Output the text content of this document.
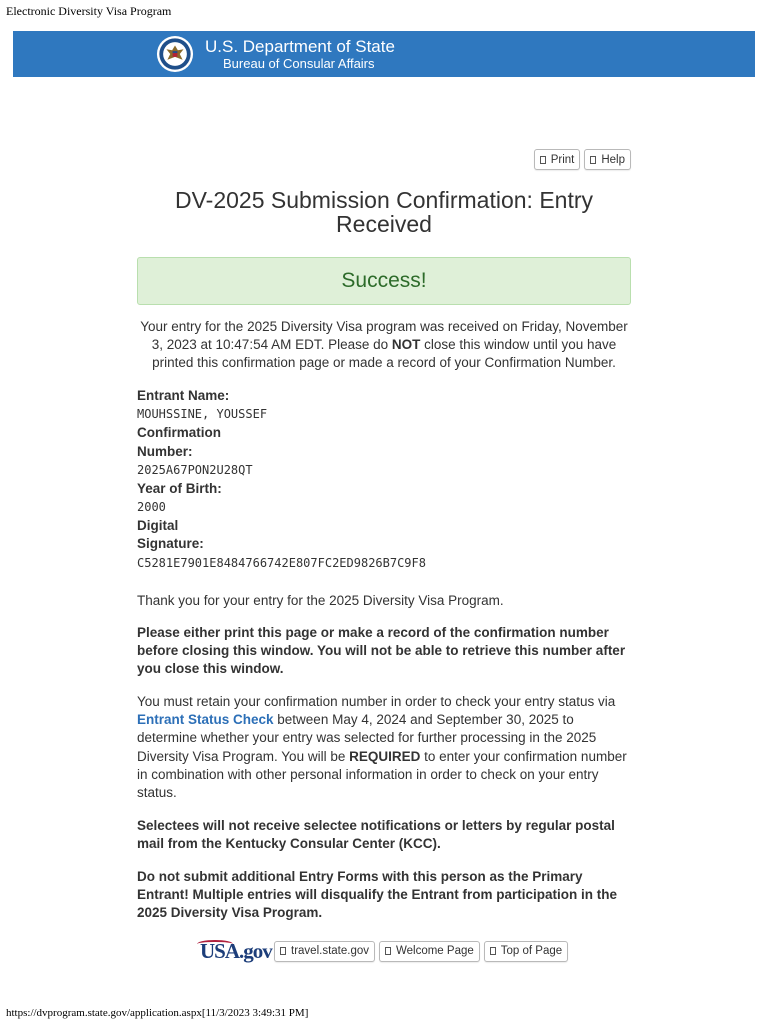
Electronic Diversity Visa Program
U.S. Department of State
Bureau of Consular Affairs
Print Help
DV-2025 Submission Confirmation: Entry Received
Success!

Your entry for the 2025 Diversity Visa program was received on Friday, November 3, 2023 at 10:47:54 AM EDT. Please do NOT close this window until you have printed this confirmation page or made a record of your Confirmation Number.

Entrant Name:
MOUHSSINE, YOUSSEF
Confirmation
Number:
2025A67PON2U28QT
Year of Birth:
2000
Digital
Signature:
C5281E7901E8484766742E807FC2ED9826B7C9F8

Thank you for your entry for the 2025 Diversity Visa Program.

Please either print this page or make a record of the confirmation number before closing this window. You will not be able to retrieve this number after you close this window.

You must retain your confirmation number in order to check your entry status via Entrant Status Check between May 4, 2024 and September 30, 2025 to determine whether your entry was selected for further processing in the 2025 Diversity Visa Program. You will be REQUIRED to enter your confirmation number in combination with other personal information in order to check on your entry status.

Selectees will not receive selectee notifications or letters by regular postal mail from the Kentucky Consular Center (KCC).

Do not submit additional Entry Forms with this person as the Primary Entrant! Multiple entries will disqualify the Entrant from participation in the 2025 Diversity Visa Program.

USA.gov travel.state.gov Welcome Page Top of Page
https://dvprogram.state.gov/application.aspx[11/3/2023 3:49:31 PM]
